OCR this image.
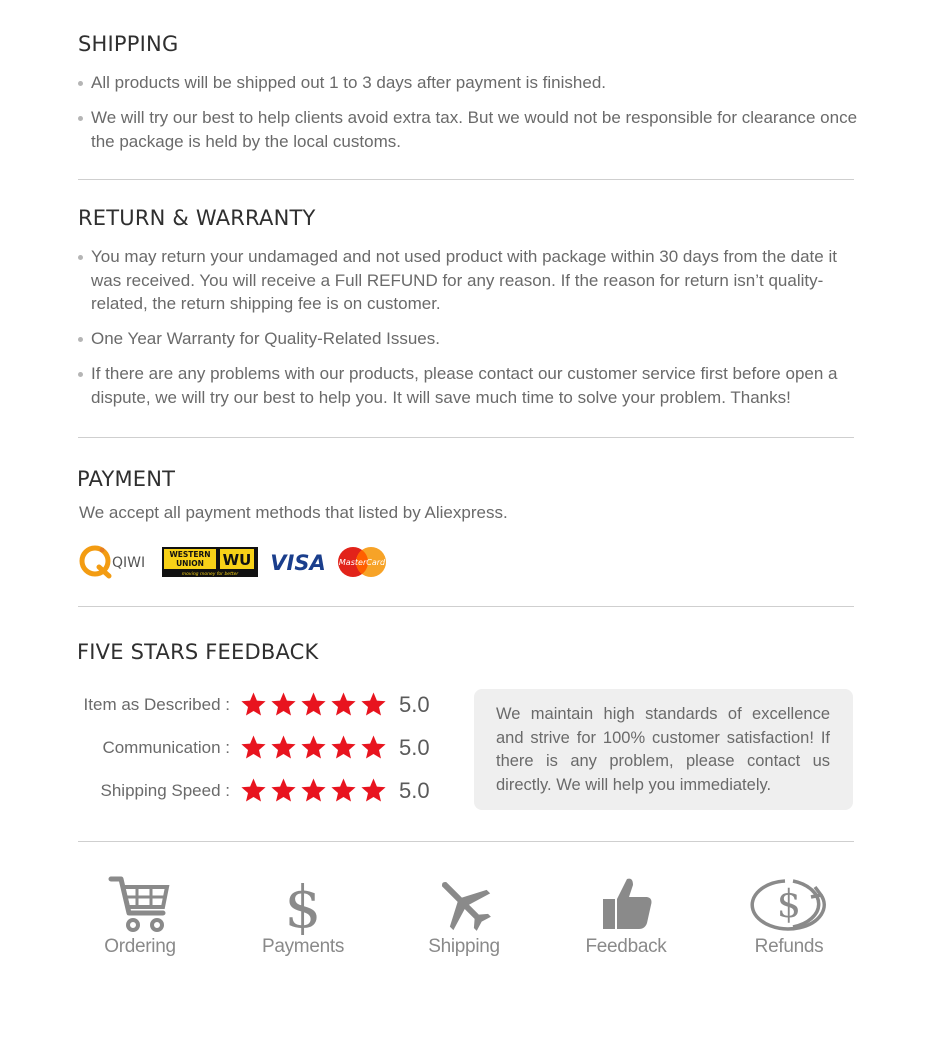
SHIPPING
All products will be shipped out 1 to 3 days after payment is finished.
We will try our best to help clients avoid extra tax. But we would not be responsible for clearance once the package is held by the local customs.
RETURN & WARRANTY
You may return your undamaged and not used product with package within 30 days from the date it was received. You will receive a Full REFUND for any reason. If the reason for return isn’t quality-related, the return shipping fee is on customer.
One Year Warranty for Quality-Related Issues.
If there are any problems with our products, please contact our customer service first before open a dispute, we will try our best to help you. It will save much time to solve your problem. Thanks!
PAYMENT
We accept all payment methods that listed by Aliexpress.
QIWI
WESTERN
UNION WU
moving money for better VISA MasterCard
FIVE STARS FEEDBACK
Item as Described :	5.0
Communication :	5.0
Shipping Speed :	5.0

We maintain high standards of excellence and strive for 100% customer satisfaction! If there is any problem, please contact us directly. We will help you immediately.

Ordering
$
Payments	Shipping	Feedback
$
Refunds
